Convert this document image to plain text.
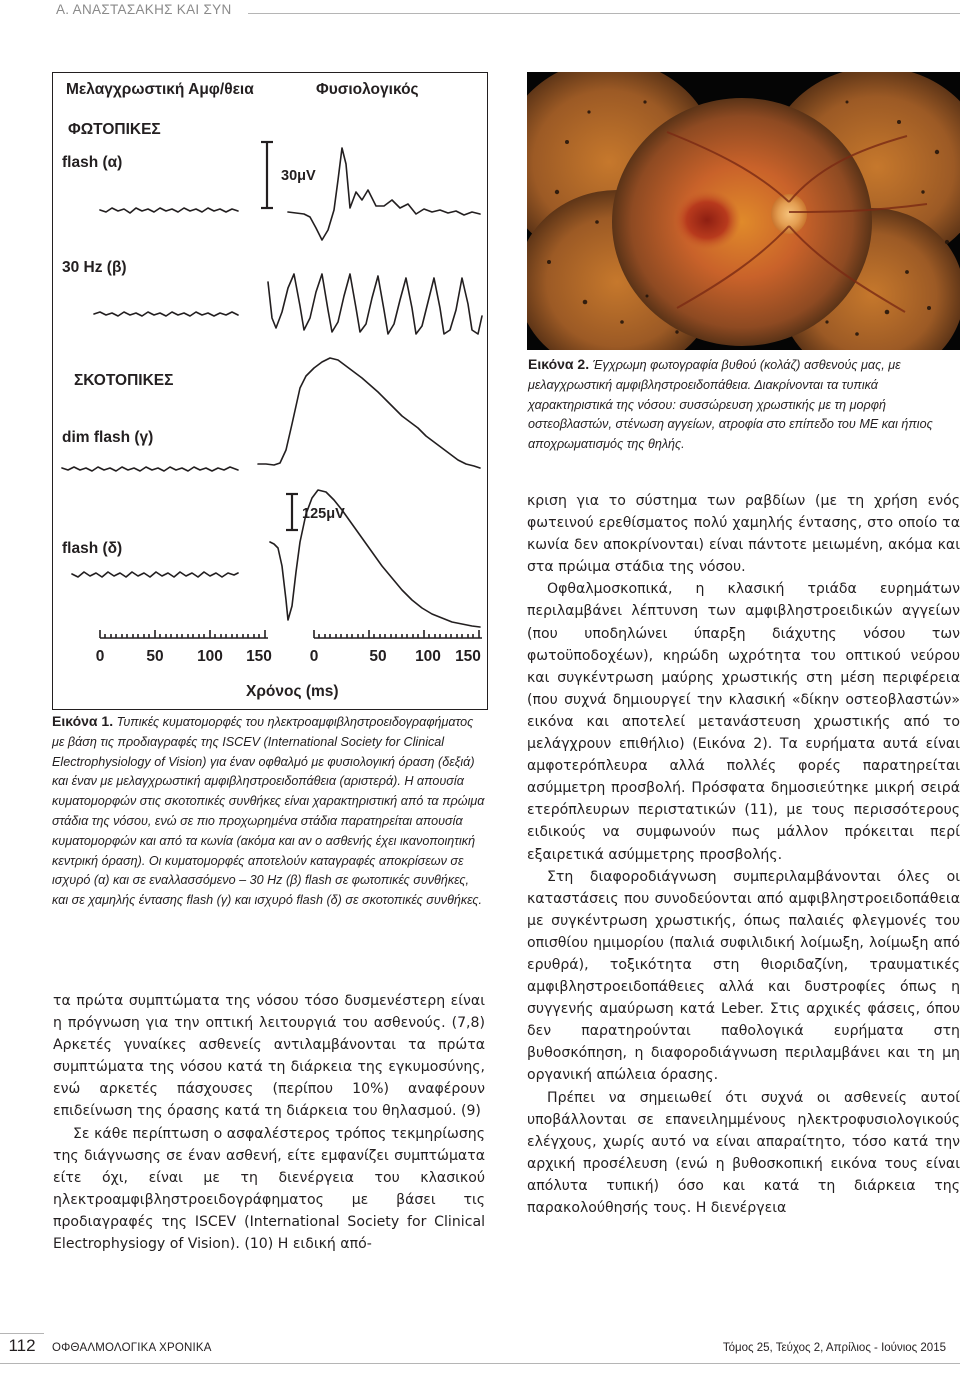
Α. ΑΝΑΣΤΑΣΑΚΗΣ ΚΑΙ ΣΥΝ
Μελαγχρωστική Αμφ/θεια	Φυσιολογικός
ΦΩΤΟΠΙΚΕΣ
flash (α)
30μV
30 Hz (β)
ΣΚΟΤΟΠΙΚΕΣ
dim flash (γ)
125μV
flash (δ)
Χρόνος (ms)
0	50 100 150 0	50 100 150
Εικόνα 2. Έγχρωμη φωτογραφία βυθού (κολάζ) ασθενούς μας, με μελαγχρωστική αμφιβληστροειδοπάθεια. Διακρίνονται τα τυπικά χαρακτηριστικά της νόσου: συσσώρευση χρωστικής με τη μορφή οστεοβλαστών, στένωση αγγείων, ατροφία στο επίπεδο του ΜΕ και ήπιος αποχρωματισμός της θηλής.
Εικόνα 1. Τυπικές κυματομορφές του ηλεκτροαμφιβληστροειδογραφήματος με βάση τις προδιαγραφές της ISCEV (International Society for Clinical Electrophysiology of Vision) για έναν οφθαλμό με φυσιολογική όραση (δεξιά) και έναν με μελαγχρωστική αμφιβληστροειδοπάθεια (αριστερά). Η απουσία κυματομορφών στις σκοτοπικές συνθήκες είναι χαρακτηριστική από τα πρώιμα στάδια της νόσου, ενώ σε πιο προχωρημένα στάδια παρατηρείται απουσία κυματομορφών και από τα κωνία (ακόμα και αν ο ασθενής έχει ικανοποιητική κεντρική όραση). Οι κυματομορφές αποτελούν καταγραφές αποκρίσεων σε ισχυρό (α) και σε εναλλασσόμενο – 30 Hz (β) flash σε φωτοπικές συνθήκες, και σε χαμηλής έντασης flash (γ) και ισχυρό flash (δ) σε σκοτοπικές συνθήκες.

τα πρώτα συμπτώματα της νόσου τόσο δυσμενέστερη είναι η πρόγνωση για την οπτική λειτουργιά του ασθενούς. (7,8) Αρκετές γυναίκες ασθενείς αντιλαμβάνονται τα πρώτα συμπτώματα της νόσου κατά τη διάρκεια της εγκυμοσύνης, ενώ αρκετές πάσχουσες (περίπου 10%) αναφέρουν επιδείνωση της όρασης κατά τη διάρκεια του θηλασμού. (9)

Σε κάθε περίπτωση ο ασφαλέστερος τρόπος τεκμηρίωσης της διάγνωσης σε έναν ασθενή, είτε εμφανίζει συμπτώματα είτε όχι, είναι με τη διενέργεια του κλασικού ηλεκτροαμφιβληστροειδογράφηματος με βάσει τις προδιαγραφές της ISCEV (International Society for Clinical Electrophysiogy of Vision). (10) Η ειδική από-

κριση για το σύστημα των ραβδίων (με τη χρήση ενός φωτεινού ερεθίσματος πολύ χαμηλής έντασης, στο οποίο τα κωνία δεν αποκρίνονται) είναι πάντοτε μειωμένη, ακόμα και στα πρώιμα στάδια της νόσου.

Οφθαλμοσκοπικά, η κλασική τριάδα ευρημάτων περιλαμβάνει λέπτυνση των αμφιβληστροειδικών αγγείων (που υποδηλώνει ύπαρξη διάχυτης νόσου των φωτοϋποδοχέων), κηρώδη ωχρότητα του οπτικού νεύρου και συγκέντρωση μαύρης χρωστικής στη μέση περιφέρεια (που συχνά δημιουργεί την κλασική «δίκην οστεοβλαστών» εικόνα και αποτελεί μετανάστευση χρωστικής από το μελάγχρουν επιθήλιο) (Εικόνα 2). Τα ευρήματα αυτά είναι αμφοτερόπλευρα αλλά πολλές φορές παρατηρείται ασύμμετρη προσβολή. Πρόσφατα δημοσιεύτηκε μικρή σειρά ετερόπλευρων περιστατικών (11), με τους περισσότερους ειδικούς να συμφωνούν πως μάλλον πρόκειται περί εξαιρετικά ασύμμετρης προσβολής.

Στη διαφοροδιάγνωση συμπεριλαμβάνονται όλες οι καταστάσεις που συνοδεύονται από αμφιβληστροειδοπάθεια με συγκέντρωση χρωστικής, όπως παλαιές φλεγμονές του οπισθίου ημιμορίου (παλιά συφιλιδική λοίμωξη, λοίμωξη από ερυθρά), τοξικότητα στη θιοριδαζίνη, τραυματικές αμφιβληστροειδοπάθειες αλλά και δυστροφίες όπως η συγγενής αμαύρωση κατά Leber. Στις αρχικές φάσεις, όπου δεν παρατηρούνται παθολογικά ευρήματα στη βυθοσκόπηση, η διαφοροδιάγνωση περιλαμβάνει και τη μη οργανική απώλεια όρασης.

Πρέπει να σημειωθεί ότι συχνά οι ασθενείς αυτοί υποβάλλονται σε επανειλημμένους ηλεκτροφυσιολογικούς ελέγχους, χωρίς αυτό να είναι απαραίτητο, τόσο κατά την αρχική προσέλευση (ενώ η βυθοσκοπική εικόνα τους είναι απόλυτα τυπική) όσο και κατά τη διάρκεια της παρακολούθησής τους. Η διενέργεια

112	ΟΦΘΑΛΜΟΛΟΓΙΚΑ ΧΡΟΝΙΚΑ	Τόμος 25, Τεύχος 2, Απρίλιος - Ιούνιος 2015
